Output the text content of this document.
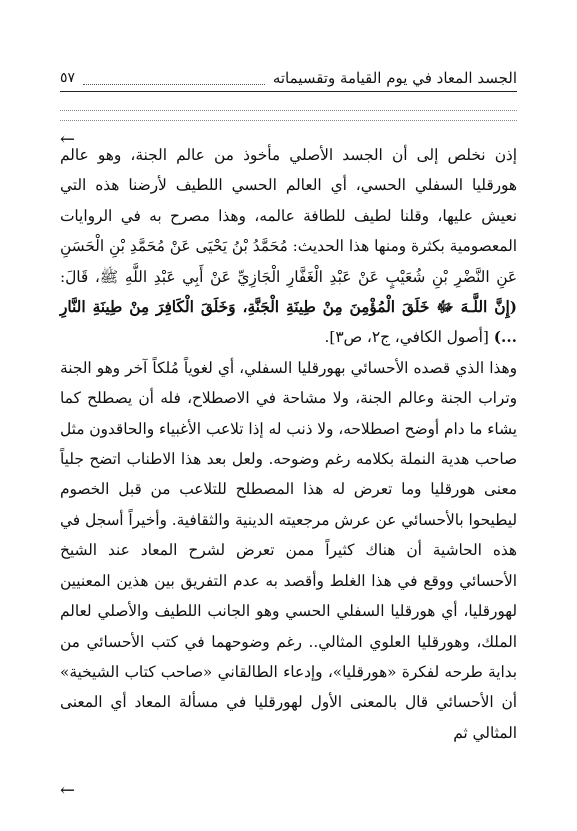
الجسد المعاد في يوم القيامة وتقسيماته
٥٧
←

إذن نخلص إلى أن الجسد الأصلي مأخوذ من عالم الجنة، وهو عالم هورقليا السفلي الحسي، أي العالم الحسي اللطيف لأرضنا هذه التي نعيش عليها، وقلنا لطيف للطافة عالمه، وهذا مصرح به في الروايات المعصومية بكثرة ومنها هذا الحديث: مُحَمَّدُ بْنُ يَحْيَى عَنْ مُحَمَّدِ بْنِ الْحَسَنِ عَنِ النَّضْرِ بْنِ شُعَيْبٍ عَنْ عَبْدِ الْغَفَّارِ الْجَازِيِّ عَنْ أَبِي عَبْدِ اللَّهِ ﷺ، قَالَ: (إِنَّ اللَّـهَ ﷻ خَلَقَ الْمُؤْمِنَ مِنْ طِينَةِ الْجَنَّةِ، وَخَلَقَ الْكَافِرَ مِنْ طِينَةِ النَّارِ ...) [أصول الكافي، ج٢، ص٣].

وهذا الذي قصده الأحسائي بهورقليا السفلي، أي لغوياً مُلكاً آخر وهو الجنة وتراب الجنة وعالم الجنة، ولا مشاحة في الاصطلاح، فله أن يصطلح كما يشاء ما دام أوضح اصطلاحه، ولا ذنب له إذا تلاعب الأغبياء والحاقدون مثل صاحب هدية النملة بكلامه رغم وضوحه. ولعل بعد هذا الاطناب اتضح جلياً معنى هورقليا وما تعرض له هذا المصطلح للتلاعب من قبل الخصوم ليطيحوا بالأحسائي عن عرش مرجعيته الدينية والثقافية. وأخيراً أسجل في هذه الحاشية أن هناك كثيراً ممن تعرض لشرح المعاد عند الشيخ الأحسائي ووقع في هذا الغلط وأقصد به عدم التفريق بين هذين المعنيين لهورقليا، أي هورقليا السفلي الحسي وهو الجانب اللطيف والأصلي لعالم الملك، وهورقليا العلوي المثالي.. رغم وضوحهما في كتب الأحسائي من بداية طرحه لفكرة «هورقليا»، وإدعاء الطالقاني «صاحب كتاب الشيخية» أن الأحسائي قال بالمعنى الأول لهورقليا في مسألة المعاد أي المعنى المثالي ثم

←
